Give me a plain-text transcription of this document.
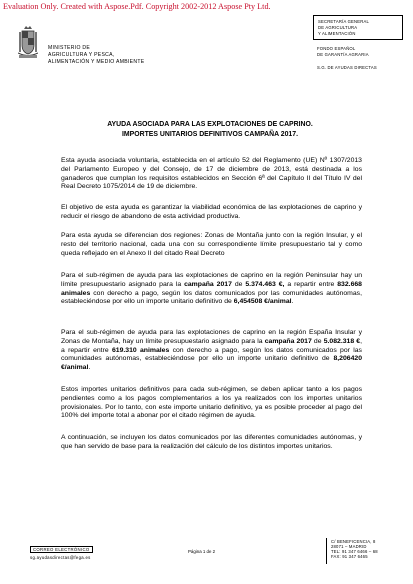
Evaluation Only. Created with Aspose.Pdf. Copyright 2002-2012 Aspose Pty Ltd.
MINISTERIO DE
AGRICULTURA Y PESCA,
ALIMENTACIÓN Y MEDIO AMBIENTE
SECRETARÍA GENERAL
DE AGRICULTURA
Y ALIMENTACIÓN
FONDO ESPAÑOL
DE GARANTÍA AGRARIA
S.G. DE AYUDAS DIRECTAS
AYUDA ASOCIADA PARA LAS EXPLOTACIONES DE CAPRINO.
IMPORTES UNITARIOS DEFINITIVOS CAMPAÑA 2017.
Esta ayuda asociada voluntaria, establecida en el artículo 52 del Reglamento (UE) Nº 1307/2013 del Parlamento Europeo y del Consejo, de 17 de diciembre de 2013, está destinada a los ganaderos que cumplan los requisitos establecidos en Sección 6ª del Capítulo II del Título IV del Real Decreto 1075/2014 de 19 de diciembre.
El objetivo de esta ayuda es garantizar la viabilidad económica de las explotaciones de caprino y reducir el riesgo de abandono de esta actividad productiva.
Para esta ayuda se diferencian dos regiones: Zonas de Montaña junto con la región Insular, y el resto del territorio nacional, cada una con su correspondiente límite presupuestario tal y como queda reflejado en el Anexo II del citado Real Decreto
Para el sub-régimen de ayuda para las explotaciones de caprino en la región Peninsular hay un límite presupuestario asignado para la campaña 2017 de 5.374.463 €, a repartir entre 832.668 animales con derecho a pago, según los datos comunicados por las comunidades autónomas, estableciéndose por ello un importe unitario definitivo de 6,454508 €/animal.
Para el sub-régimen de ayuda para las explotaciones de caprino en la región España Insular y Zonas de Montaña, hay un límite presupuestario asignado para la campaña 2017 de 5.082.318 €, a repartir entre 619.310 animales con derecho a pago, según los datos comunicados por las comunidades autónomas, estableciéndose por ello un importe unitario definitivo de 8,206420 €/animal.
Estos importes unitarios definitivos para cada sub-régimen, se deben aplicar tanto a los pagos pendientes como a los pagos complementarios a los ya realizados con los importes unitarios provisionales. Por lo tanto, con este importe unitario definitivo, ya es posible proceder al pago del 100% del importe total a abonar por el citado régimen de ayuda.
A continuación, se incluyen los datos comunicados por las diferentes comunidades autónomas, y que han servido de base para la realización del cálculo de los distintos importes unitarios.
CORREO ELECTRÓNICO
sg.ayudasdirectas@fega.es
Página 1 de 2
C/ BENEFICENCIA, 8
28071 – MADRID
TEL: 91 347 6466 – 68
FAX: 91 347 6465
